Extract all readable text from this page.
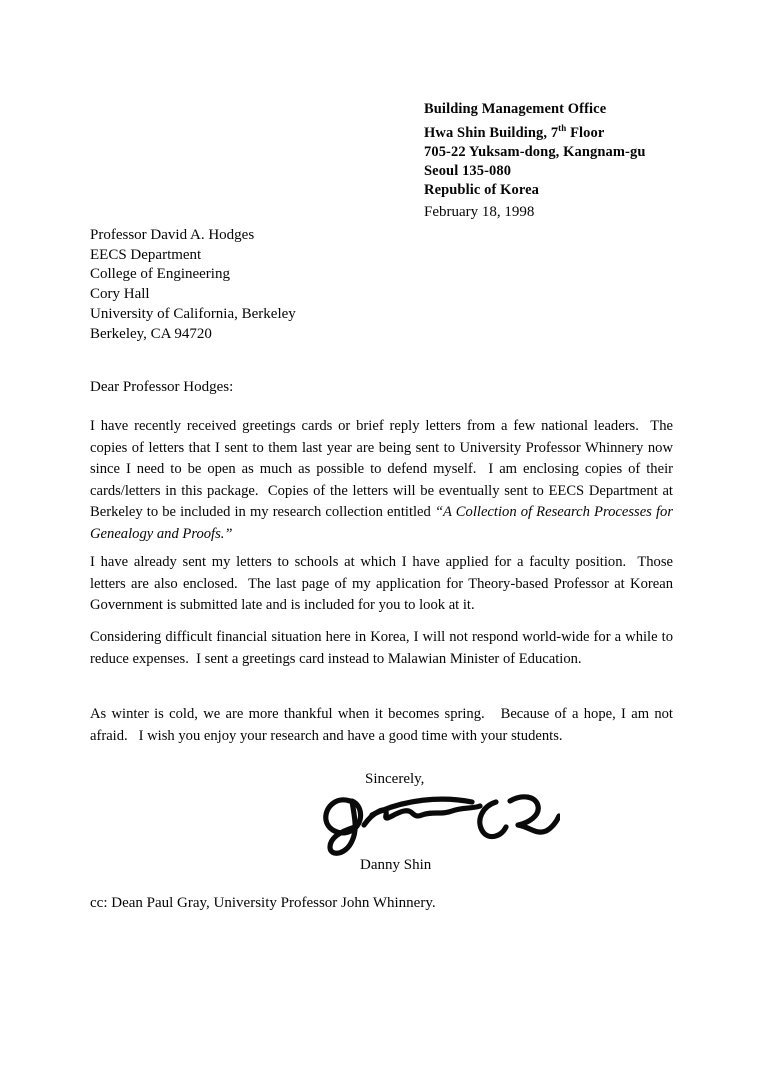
Building Management Office
Hwa Shin Building, 7th Floor
705-22 Yuksam-dong, Kangnam-gu
Seoul 135-080
Republic of Korea
February 18, 1998
Professor David A. Hodges
EECS Department
College of Engineering
Cory Hall
University of California, Berkeley
Berkeley, CA 94720
Dear Professor Hodges:

I have recently received greetings cards or brief reply letters from a few national leaders.  The copies of letters that I sent to them last year are being sent to University Professor Whinnery now since I need to be open as much as possible to defend myself.  I am enclosing copies of their cards/letters in this package.  Copies of the letters will be eventually sent to EECS Department at Berkeley to be included in my research collection entitled “A Collection of Research Processes for Genealogy and Proofs.”

I have already sent my letters to schools at which I have applied for a faculty position.  Those letters are also enclosed.  The last page of my application for Theory-based Professor at Korean Government is submitted late and is included for you to look at it.

Considering difficult financial situation here in Korea, I will not respond world-wide for a while to reduce expenses.  I sent a greetings card instead to Malawian Minister of Education.

As winter is cold, we are more thankful when it becomes spring.   Because of a hope, I am not afraid.   I wish you enjoy your research and have a good time with your students.

Sincerely,
Danny Shin
cc: Dean Paul Gray, University Professor John Whinnery.
